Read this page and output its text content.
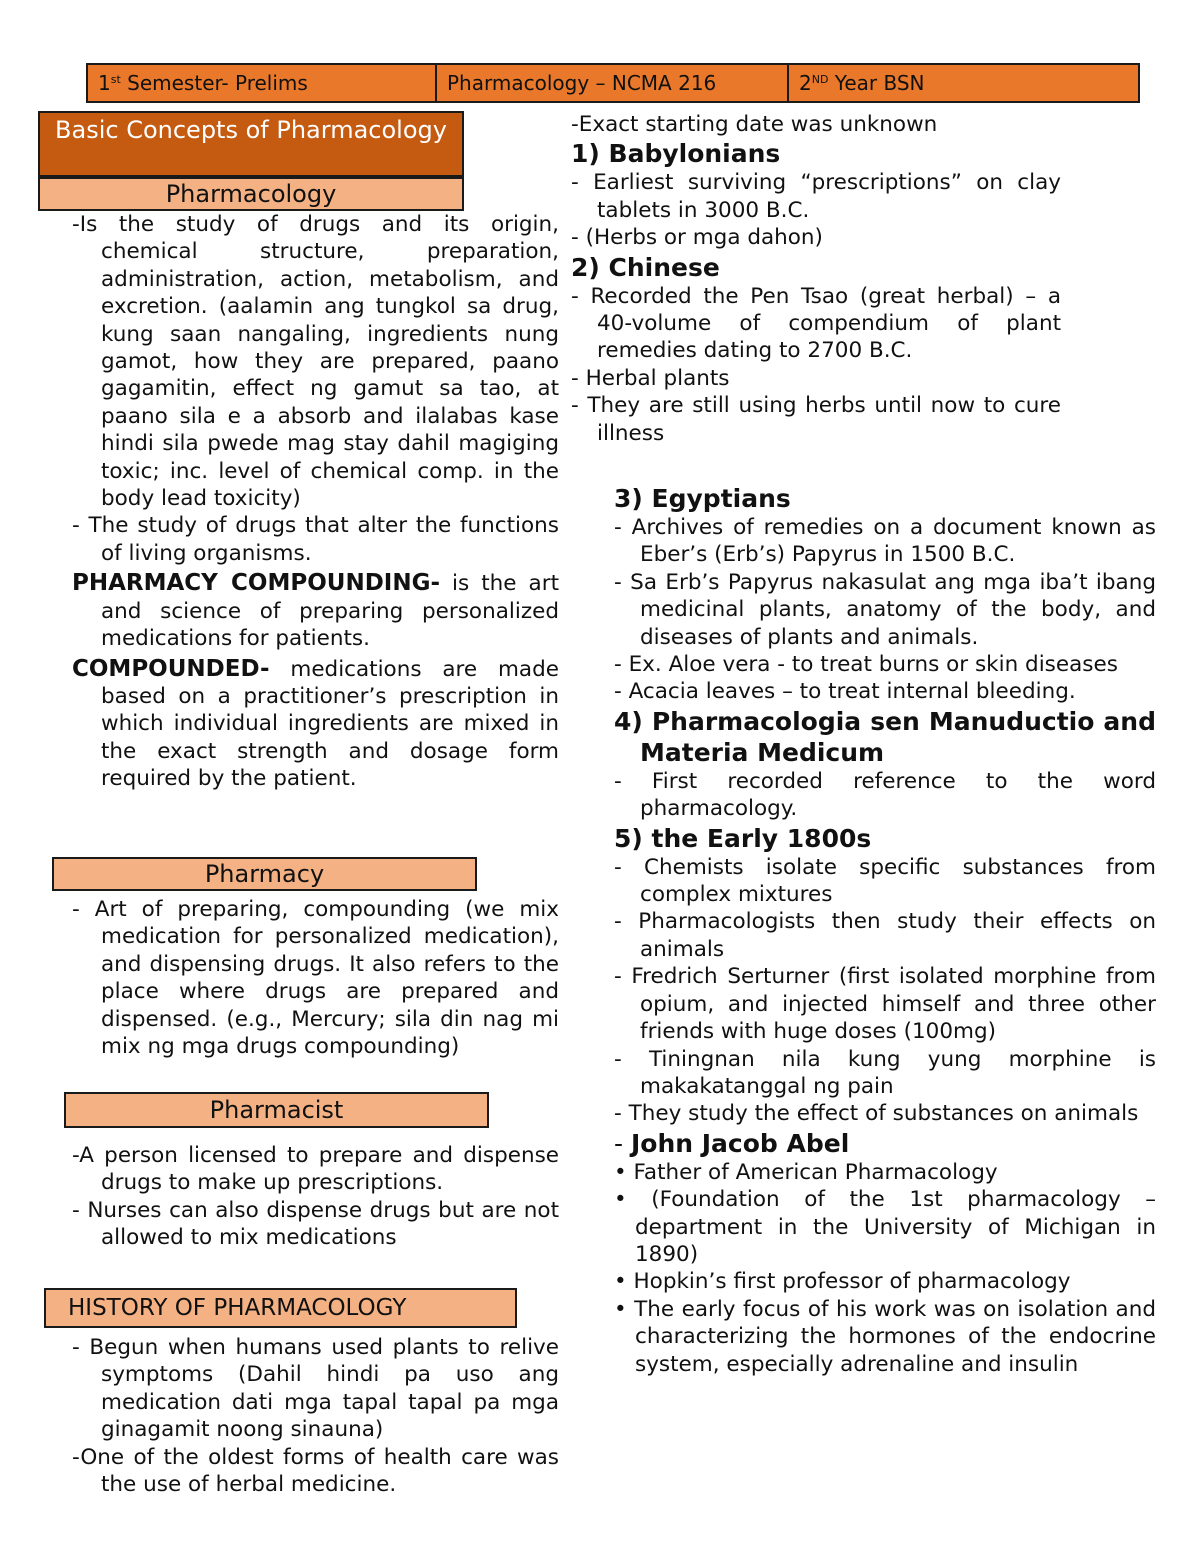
1st Semester- Prelims	Pharmacology – NCMA 216	2ND Year BSN
Basic Concepts of Pharmacology
Pharmacology
Pharmacy
Pharmacist
HISTORY OF PHARMACOLOGY

-Is the study of drugs and its origin, chemical structure, preparation, administration, action, metabolism, and excretion. (aalamin ang tungkol sa drug, kung saan nangaling, ingredients nung gamot, how they are prepared, paano gagamitin, effect ng gamut sa tao, at paano sila e a absorb and ilalabas kase hindi sila pwede mag stay dahil magiging toxic; inc. level of chemical comp. in the body lead toxicity)

- The study of drugs that alter the functions of living organisms.

PHARMACY COMPOUNDING- is the art and science of preparing personalized medications for patients.

COMPOUNDED- medications are made based on a practitioner’s prescription in which individual ingredients are mixed in the exact strength and dosage form required by the patient.

- Art of preparing, compounding (we mix medication for personalized medication), and dispensing drugs. It also refers to the place where drugs are prepared and dispensed. (e.g., Mercury; sila din nag mi mix ng mga drugs compounding)

-A person licensed to prepare and dispense drugs to make up prescriptions.

- Nurses can also dispense drugs but are not allowed to mix medications

- Begun when humans used plants to relive symptoms (Dahil hindi pa uso ang medication dati mga tapal tapal pa mga ginagamit noong sinauna)

-One of the oldest forms of health care was the use of herbal medicine.

-Exact starting date was unknown

1) Babylonians

- Earliest surviving “prescriptions” on clay tablets in 3000 B.C.

- (Herbs or mga dahon)

2) Chinese

- Recorded the Pen Tsao (great herbal) – a 40-volume of compendium of plant remedies dating to 2700 B.C.

- Herbal plants

- They are still using herbs until now to cure illness

3) Egyptians

- Archives of remedies on a document known as Eber’s (Erb’s) Papyrus in 1500 B.C.

- Sa Erb’s Papyrus nakasulat ang mga iba’t ibang medicinal plants, anatomy of the body, and diseases of plants and animals.

- Ex. Aloe vera - to treat burns or skin diseases

- Acacia leaves – to treat internal bleeding.

4) Pharmacologia sen Manuductio and Materia Medicum

- First recorded reference to the word pharmacology.

5) the Early 1800s

- Chemists isolate specific substances from complex mixtures

- Pharmacologists then study their effects on animals

- Fredrich Serturner (first isolated morphine from opium, and injected himself and three other friends with huge doses (100mg)

- Tiningnan nila kung yung morphine is makakatanggal ng pain

- They study the effect of substances on animals

- John Jacob Abel

• Father of American Pharmacology

• (Foundation of the 1st pharmacology – department in the University of Michigan in 1890)

• Hopkin’s first professor of pharmacology

• The early focus of his work was on isolation and characterizing the hormones of the endocrine system, especially adrenaline and insulin
